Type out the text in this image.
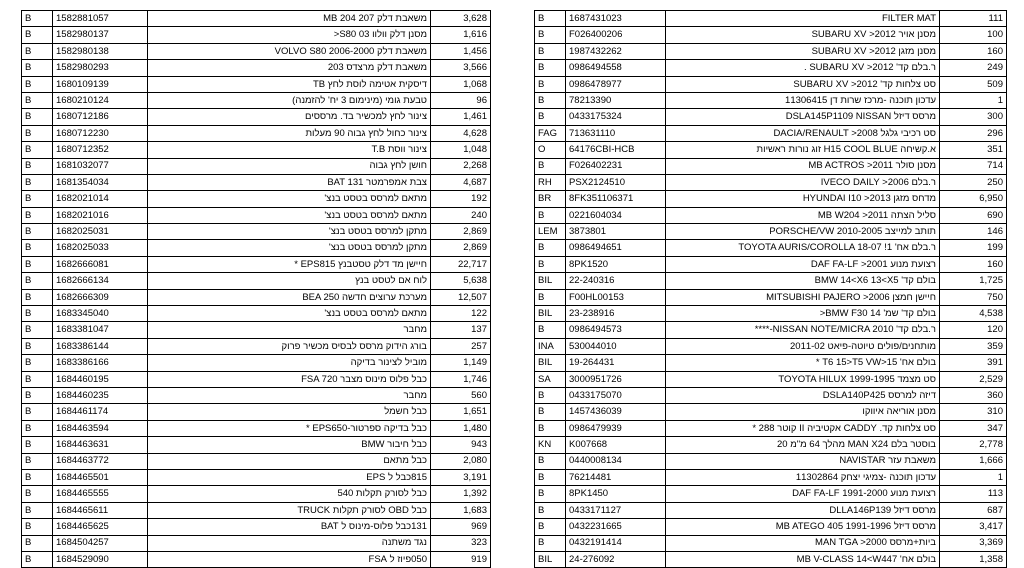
B	1582881057	משאבת דלק 207 204 MB	3,628
B	1582980137	מסנן דלק וולוו S80 03<	1,616
B	1582980138	משאבת דלק 2006-2000 VOLVO S80	1,456
B	1582980293	משאבת דלק מרצדס 203	3,566
B	1680109139	דיסקית אטימה לוסת לחץ TB	1,068
B	1680210124	טבעת גומי (מינימום 3 יח' להזמנה)	96
B	1680712186	צינור לחץ למכשיר בד. מרססים	1,461
B	1680712230	צינור כחול לחץ גבוה 90 מעלות	4,628
B	1680712352	צינור ווסת T.B	1,048
B	1681032077	חושן לחץ גבוה	2,268
B	1681354034	צבת אמפרמטר BAT 131	4,687
B	1682021014	מתאם למרסס בטסט בנצ'	192
B	1682021016	מתאם למרסס בטסט בנצ'	240
B	1682025031	מתקן למרסס בטסט בנצ'	2,869
B	1682025033	מתקן למרסס בטסט בנצ'	2,869
B	1682666081	חיישן מד דלק טסטבנץ EPS815 *	22,717
B	1682666134	לוח אם לטסט בנץ	5,638
B	1682666309	BEA מערכת ערוצים חדשה 250	12,507
B	1683345040	מתאם למרסס בטסט בנצ'	122
B	1683381047	מחבר	137
B	1683386144	בורג הידוק מרסס לבסיס מכשיר פרוק	257
B	1683386166	מוביל לצינור בדיקה	1,149
B	1684460195	כבל פלוס מינוס מצבר FSA 720	1,746
B	1684460235	מחבר	560
B	1684461174	כבל חשמל	1,651
B	1684463594	כבל בדיקה ספרטור-EPS650 *	1,480
B	1684463631	כבל חיבור BMW	943
B	1684463772	כבל מתאם	2,080
B	1684465501	815כבל ל EPS	3,191
B	1684465555	כבל לסורק תקלות 540	1,392
B	1684465611	כבל OBD לסורק תקלות TRUCK	1,683
B	1684465625	131כבל פלוס-מינוס ל BAT	969
B	1684504257	נגד משתנה	323
B	1684529090	050פיוז ל FSA	919
B	1687431023	FILTER MAT	111
B	F026400206	מסנן אויר SUBARU XV >2012	100
B	1987432262	מסנן מזגן SUBARU XV >2012	160
B	0986494558	ר.בלם קד' SUBARU XV >2012 .	249
B	0986478977	סט צלחות קד' SUBARU XV >2012	509
B	78213390	עדכון תוכנה -מרכז שרות דן 11306415	1
B	0433175324	מרסס דיזל DSLA145P1109 NISSAN	300
FAG	713631110	סט רכיבי גלגל DACIA/RENAULT >2008	296
O	64176CBI-HCB	א.קשיחה H15 COOL BLUE זוג נורות ראשיות	351
B	F026402231	מסנן סולר MB ACTROS >2011	714
RH	PSX2124510	ר.בלם IVECO DAILY >2006	250
BR	8FK351106371	מדחס מזגן HYUNDAI I10 >2013	6,950
B	0221604034	סליל הצתה MB W204 >2011	690
LEM	3873801	תותב למייצב PORSCHE/VW 2010-2005	146
B	0986494651	ר.בלם אח' TOYOTA AURIS/COROLLA 18-07 !1	199
B	8PK1520	רצועת מנוע DAF FA-LF >2001	160
BIL	22-240316	בולם קד' BMW 14<X6 13<X5	1,725
B	F00HL00153	חיישן חמצן MITSUBISHI PAJERO >2006	750
BIL	23-238916	בולם קד' שמ' BMW F30 14<	4,538
B	0986494573	ר.בלם קד' NISSAN NOTE/MICRA 2010-****	120
INA	530044010	מותחנים/פולים טיוטה-פיאט 2011-02	359
BIL	19-264431	בולם אח' 15<T6 15>T5 VW *	391
SA	3000951726	סט מצמד TOYOTA HILUX 1999-1995	2,529
B	0433175070	דיזה למרסס DSLA140P425	360
B	1457436039	מסנן אוריאה איווקו	310
B	0986479939	סט צלחות קד. CADDY אקטיביה II קוטר 288 *	347
KN	K007668	בוסטר בלם MAN X24 מהלך 64 מ"מ 20	2,778
B	0440008134	משאבת עזר NAVISTAR	1,666
B	76214481	עדכון תוכנה -צמיגי יצחק 11302864	1
B	8PK1450	רצועת מנוע DAF FA-LF 1991-2000	113
B	0433171127	מרסס דיזל DLLA146P139	687
B	0432231665	מרסס דיזל MB ATEGO 405 1991-1996	3,417
B	0432191414	ביות+מרסס MAN TGA >2000	3,369
BIL	24-276092	בולם אח' MB V-CLASS 14<W447	1,358
